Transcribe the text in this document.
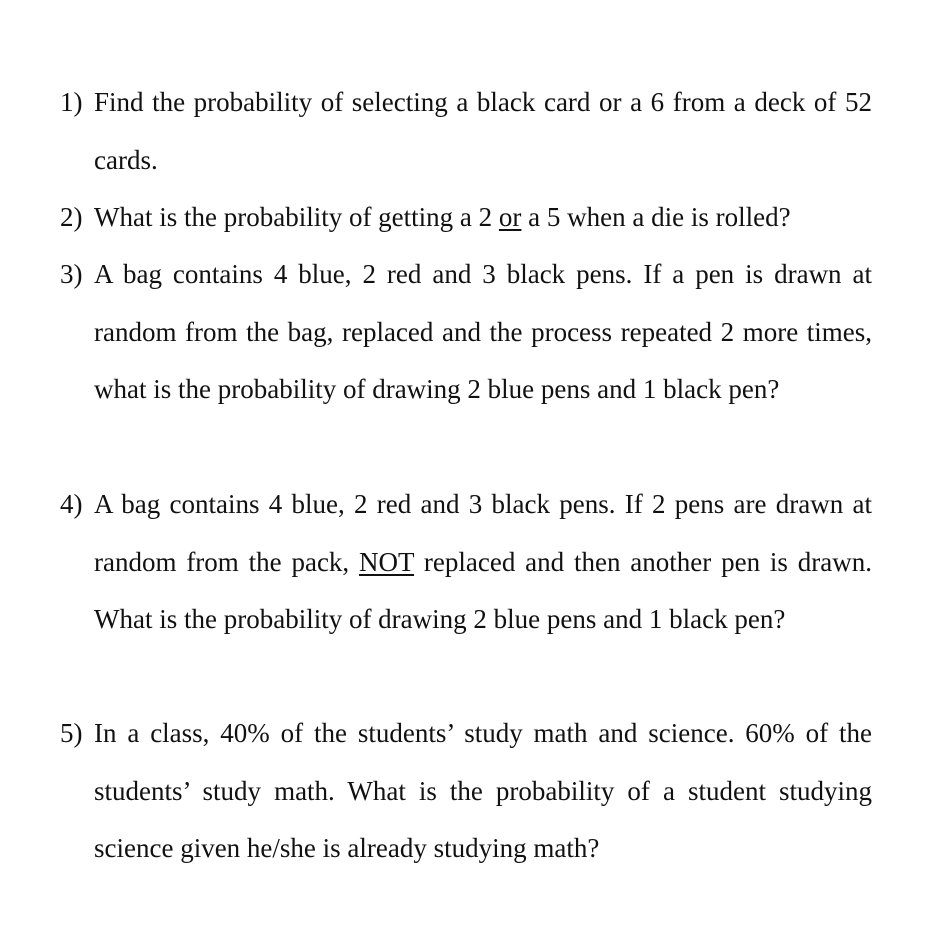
1) Find the probability of selecting a black card or a 6 from a deck of 52 cards.
2) What is the probability of getting a 2 or a 5 when a die is rolled?
3) A bag contains 4 blue, 2 red and 3 black pens. If a pen is drawn at random from the bag, replaced and the process repeated 2 more times, what is the probability of drawing 2 blue pens and 1 black pen?
4) A bag contains 4 blue, 2 red and 3 black pens. If 2 pens are drawn at random from the pack, NOT replaced and then another pen is drawn. What is the probability of drawing 2 blue pens and 1 black pen?
5) In a class, 40% of the students’ study math and science. 60% of the students’ study math. What is the probability of a student studying science given he/she is already studying math?
